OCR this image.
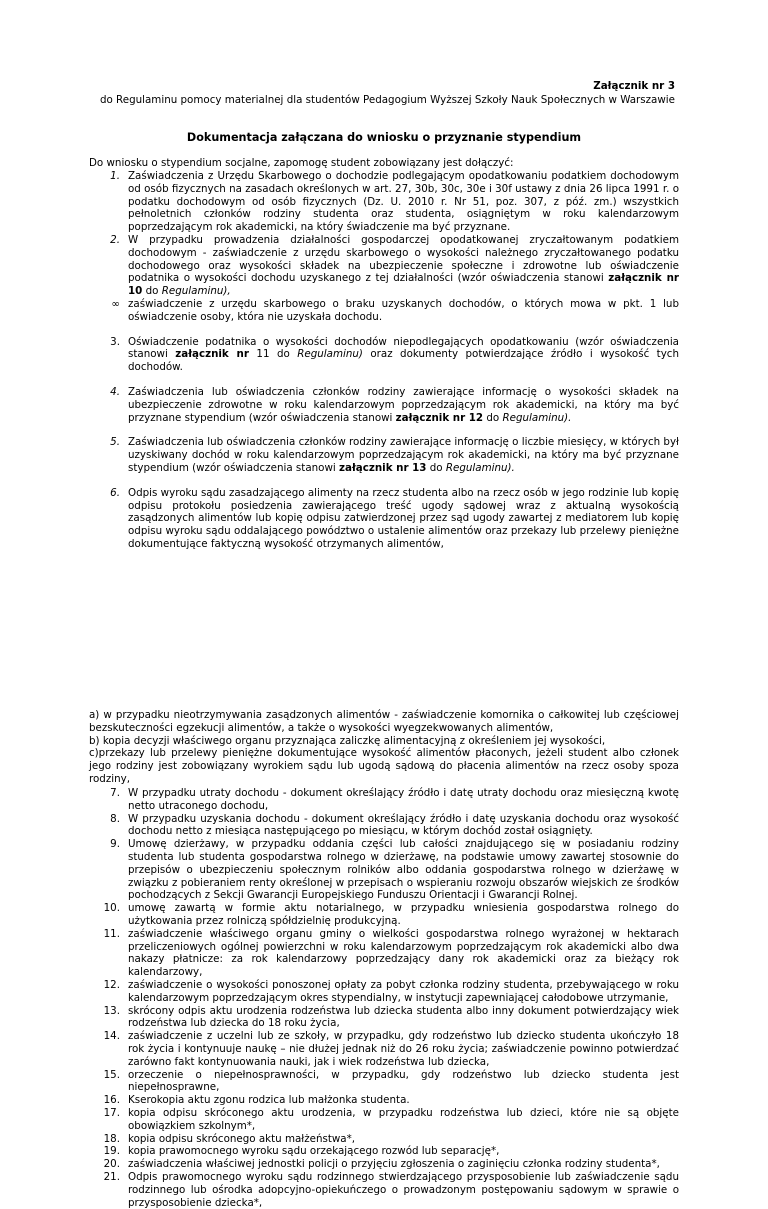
Załącznik nr 3
do Regulaminu pomocy materialnej dla studentów Pedagogium Wyższej Szkoły Nauk Społecznych w Warszawie
Dokumentacja załączana do wniosku o przyznanie stypendium
Do wniosku o stypendium socjalne, zapomogę student zobowiązany jest dołączyć:
1. Zaświadczenia z Urzędu Skarbowego o dochodzie podlegającym opodatkowaniu podatkiem dochodowym od osób fizycznych na zasadach określonych w art. 27, 30b, 30c, 30e i 30f ustawy z dnia 26 lipca 1991 r. o podatku dochodowym od osób fizycznych (Dz. U. 2010 r. Nr 51, poz. 307, z póź. zm.) wszystkich pełnoletnich członków rodziny studenta oraz studenta, osiągniętym w roku kalendarzowym poprzedzającym rok akademicki, na który świadczenie ma być przyznane.
2. W przypadku prowadzenia działalności gospodarczej opodatkowanej zryczałtowanym podatkiem dochodowym - zaświadczenie z urzędu skarbowego o wysokości należnego zryczałtowanego podatku dochodowego oraz wysokości składek na ubezpieczenie społeczne i zdrowotne lub oświadczenie podatnika o wysokości dochodu uzyskanego z tej działalności (wzór oświadczenia stanowi załącznik nr 10 do Regulaminu),
∞ zaświadczenie z urzędu skarbowego o braku uzyskanych dochodów, o których mowa w pkt. 1 lub oświadczenie osoby, która nie uzyskała dochodu.
3. Oświadczenie podatnika o wysokości dochodów niepodlegających opodatkowaniu (wzór oświadczenia stanowi załącznik nr 11 do Regulaminu) oraz dokumenty potwierdzające źródło i wysokość tych dochodów.
4. Zaświadczenia lub oświadczenia członków rodziny zawierające informację o wysokości składek na ubezpieczenie zdrowotne w roku kalendarzowym poprzedzającym rok akademicki, na który ma być przyznane stypendium (wzór oświadczenia stanowi załącznik nr 12 do Regulaminu).
5. Zaświadczenia lub oświadczenia członków rodziny zawierające informację o liczbie miesięcy, w których był uzyskiwany dochód w roku kalendarzowym poprzedzającym rok akademicki, na który ma być przyznane stypendium (wzór oświadczenia stanowi załącznik nr 13 do Regulaminu).
6. Odpis wyroku sądu zasadzającego alimenty na rzecz studenta albo na rzecz osób w jego rodzinie lub kopię odpisu protokołu posiedzenia zawierającego treść ugody sądowej wraz z aktualną wysokością zasądzonych alimentów lub kopię odpisu zatwierdzonej przez sąd ugody zawartej z mediatorem lub kopię odpisu wyroku sądu oddalającego powództwo o ustalenie alimentów oraz przekazy lub przelewy pieniężne dokumentujące faktyczną wysokość otrzymanych alimentów,
a) w przypadku nieotrzymywania zasądzonych alimentów - zaświadczenie komornika o całkowitej lub częściowej bezskuteczności egzekucji alimentów, a także o wysokości wyegzekwowanych alimentów,
b) kopia decyzji właściwego organu przyznająca zaliczkę alimentacyjną z określeniem jej wysokości,
c)przekazy lub przelewy pieniężne dokumentujące wysokość alimentów płaconych, jeżeli student albo członek jego rodziny jest zobowiązany wyrokiem sądu lub ugodą sądową do płacenia alimentów na rzecz osoby spoza rodziny,
7. W przypadku utraty dochodu - dokument określający źródło i datę utraty dochodu oraz miesięczną kwotę netto utraconego dochodu,
8. W przypadku uzyskania dochodu - dokument określający źródło i datę uzyskania dochodu oraz wysokość dochodu netto z miesiąca następującego po miesiącu, w którym dochód został osiągnięty.
9. Umowę dzierżawy, w przypadku oddania części lub całości znajdującego się w posiadaniu rodziny studenta lub studenta gospodarstwa rolnego w dzierżawę, na podstawie umowy zawartej stosownie do przepisów o ubezpieczeniu społecznym rolników albo oddania gospodarstwa rolnego w dzierżawę w związku z pobieraniem renty określonej w przepisach o wspieraniu rozwoju obszarów wiejskich ze środków pochodzących z Sekcji Gwarancji Europejskiego Funduszu Orientacji i Gwarancji Rolnej.
10. umowę zawartą w formie aktu notarialnego, w przypadku wniesienia gospodarstwa rolnego do użytkowania przez rolniczą spółdzielnię produkcyjną.
11. zaświadczenie właściwego organu gminy o wielkości gospodarstwa rolnego wyrażonej w hektarach przeliczeniowych ogólnej powierzchni w roku kalendarzowym poprzedzającym rok akademicki albo dwa nakazy płatnicze: za rok kalendarzowy poprzedzający dany rok akademicki oraz za bieżący rok kalendarzowy,
12. zaświadczenie o wysokości ponoszonej opłaty za pobyt członka rodziny studenta, przebywającego w roku kalendarzowym poprzedzającym okres stypendialny, w instytucji zapewniającej całodobowe utrzymanie,
13. skrócony odpis aktu urodzenia rodzeństwa lub dziecka studenta albo inny dokument potwierdzający wiek rodzeństwa lub dziecka do 18 roku życia,
14. zaświadczenie z uczelni lub ze szkoły, w przypadku, gdy rodzeństwo lub dziecko studenta ukończyło 18 rok życia i kontynuuje naukę – nie dłużej jednak niż do 26 roku życia; zaświadczenie powinno potwierdzać zarówno fakt kontynuowania nauki, jak i wiek rodzeństwa lub dziecka,
15. orzeczenie o niepełnosprawności, w przypadku, gdy rodzeństwo lub dziecko studenta jest niepełnosprawne,
16. Kserokopia aktu zgonu rodzica lub małżonka studenta.
17. kopia odpisu skróconego aktu urodzenia, w przypadku rodzeństwa lub dzieci, które nie są objęte obowiązkiem szkolnym*,
18. kopia odpisu skróconego aktu małżeństwa*,
19. kopia prawomocnego wyroku sądu orzekającego rozwód lub separację*,
20. zaświadczenia właściwej jednostki policji o przyjęciu zgłoszenia o zaginięciu członka rodziny studenta*,
21. Odpis prawomocnego wyroku sądu rodzinnego stwierdzającego przysposobienie lub zaświadczenie sądu rodzinnego lub ośrodka adopcyjno-opiekuńczego o prowadzonym postępowaniu sądowym w sprawie o przysposobienie dziecka*,
